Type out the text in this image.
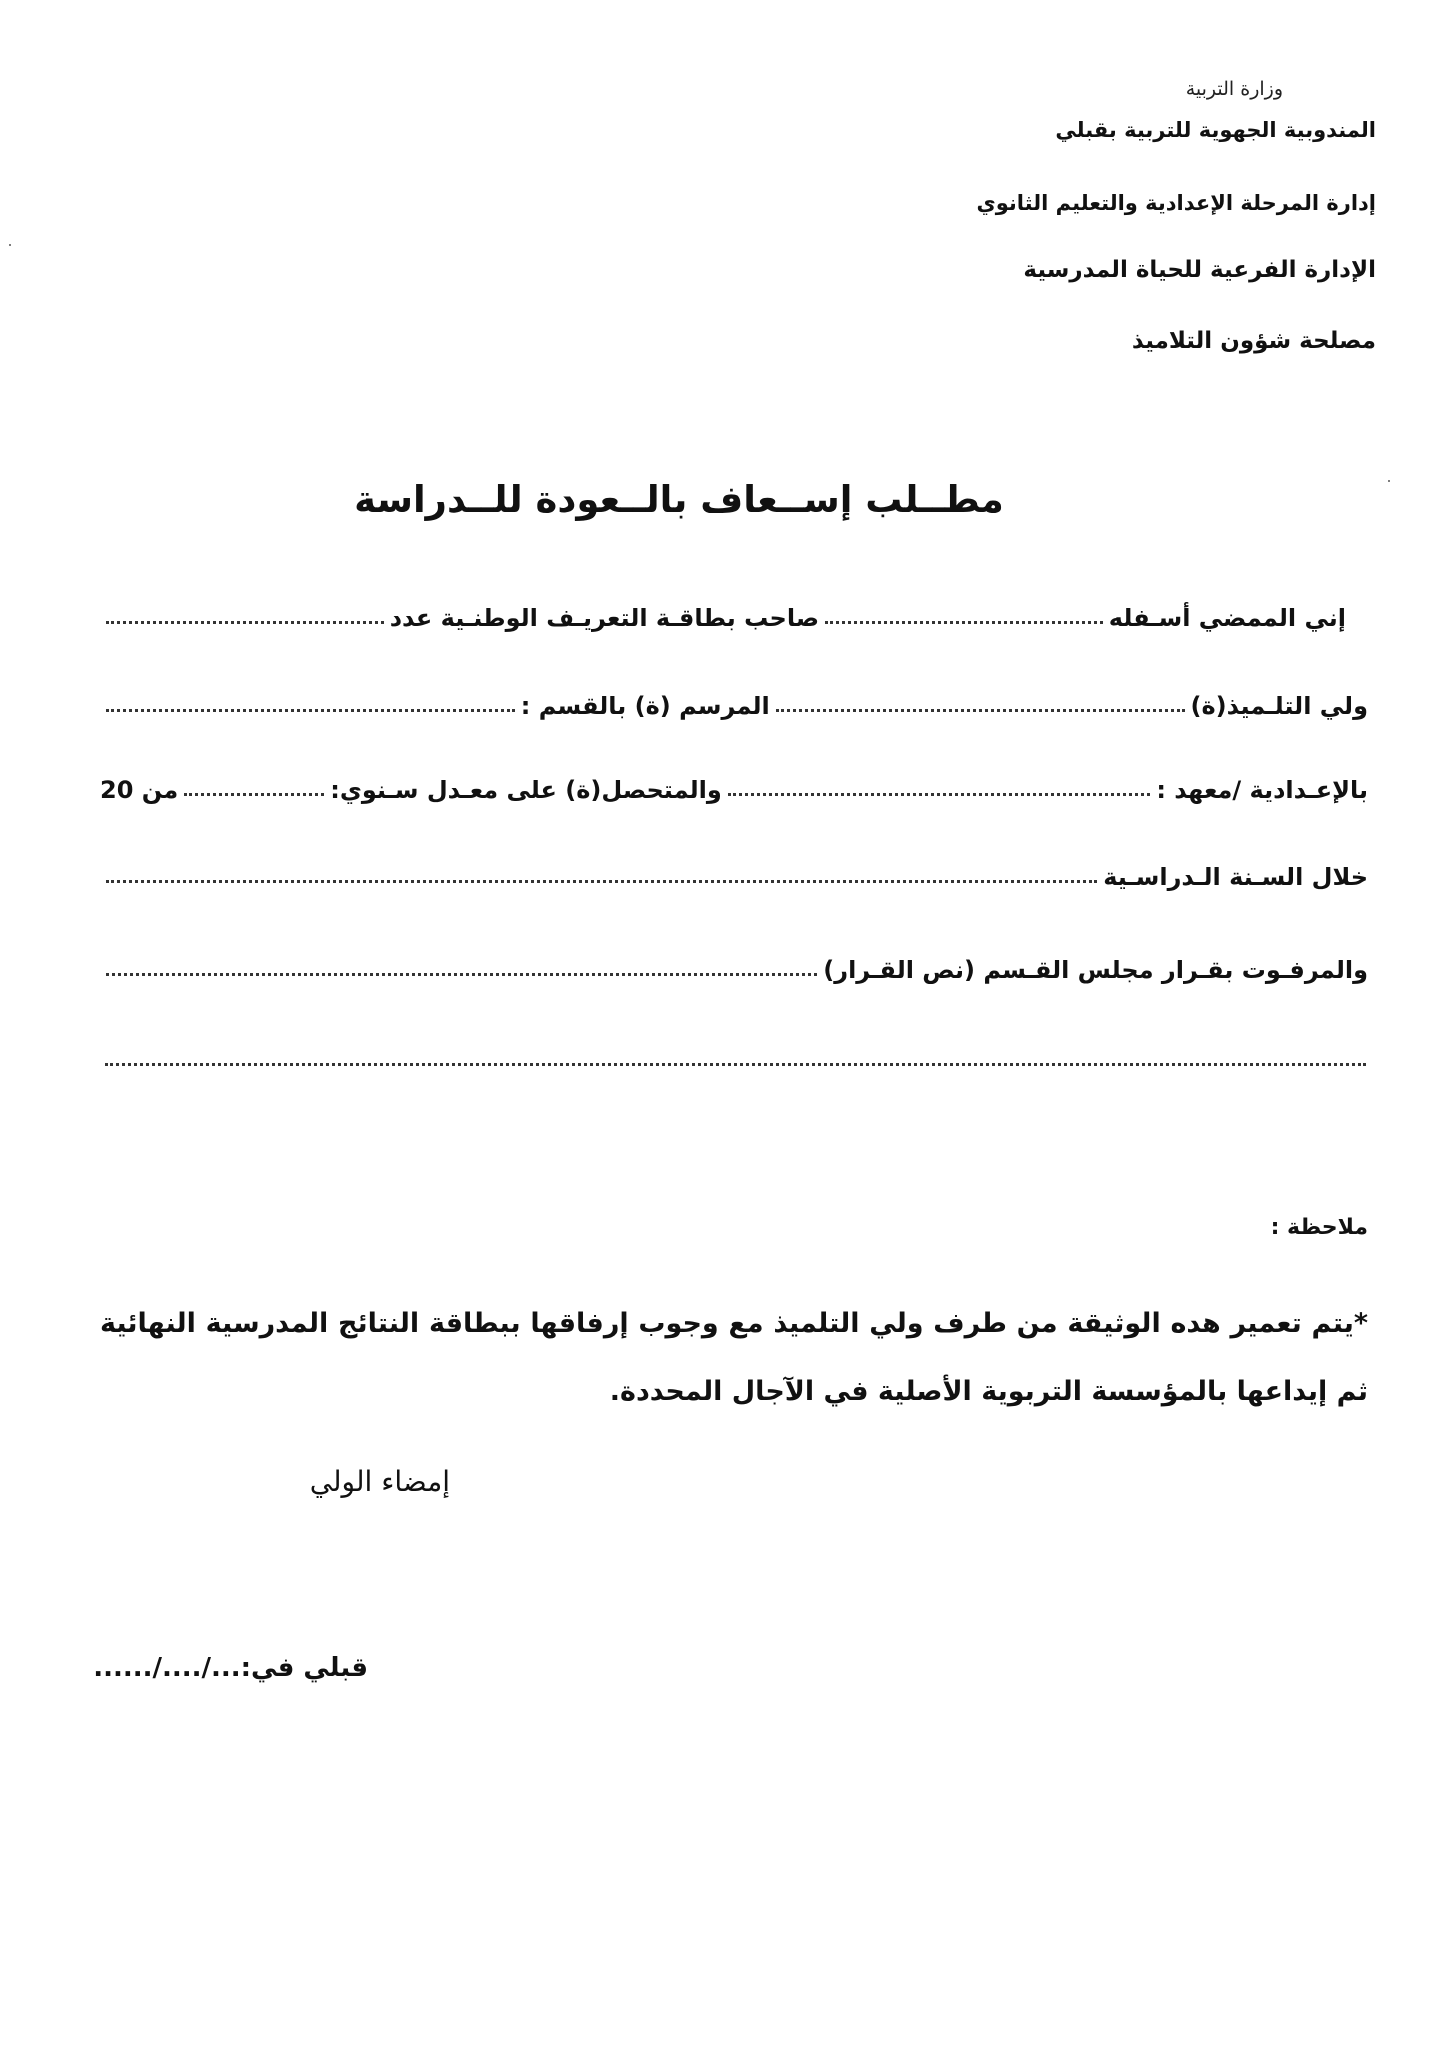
وزارة التربية
المندوبية الجهوية للتربية بقبلي
إدارة المرحلة الإعدادية والتعليم الثانوي
الإدارة الفرعية للحياة المدرسية
مصلحة شؤون التلاميذ
مطــلب إســعاف بالــعودة للــدراسة
إني الممضي أسـفله
صاحب بطاقـة التعريـف الوطنـية عدد
ولي التلـميذ(ة)
المرسم (ة) بالقسم :
بالإعـدادية /معهد :
والمتحصل(ة) على معـدل سـنوي:
من 20
خلال السـنة الـدراسـية
والمرفـوت بقـرار مجلس القـسم (نص القـرار)
ملاحظة :
*يتم تعمير هده الوثيقة من طرف ولي التلميذ مع وجوب إرفاقها ببطاقة النتائج المدرسية النهائية ثم إيداعها بالمؤسسة التربوية الأصلية في الآجال المحددة.
إمضاء الولي
قبلي في:.../..../......
